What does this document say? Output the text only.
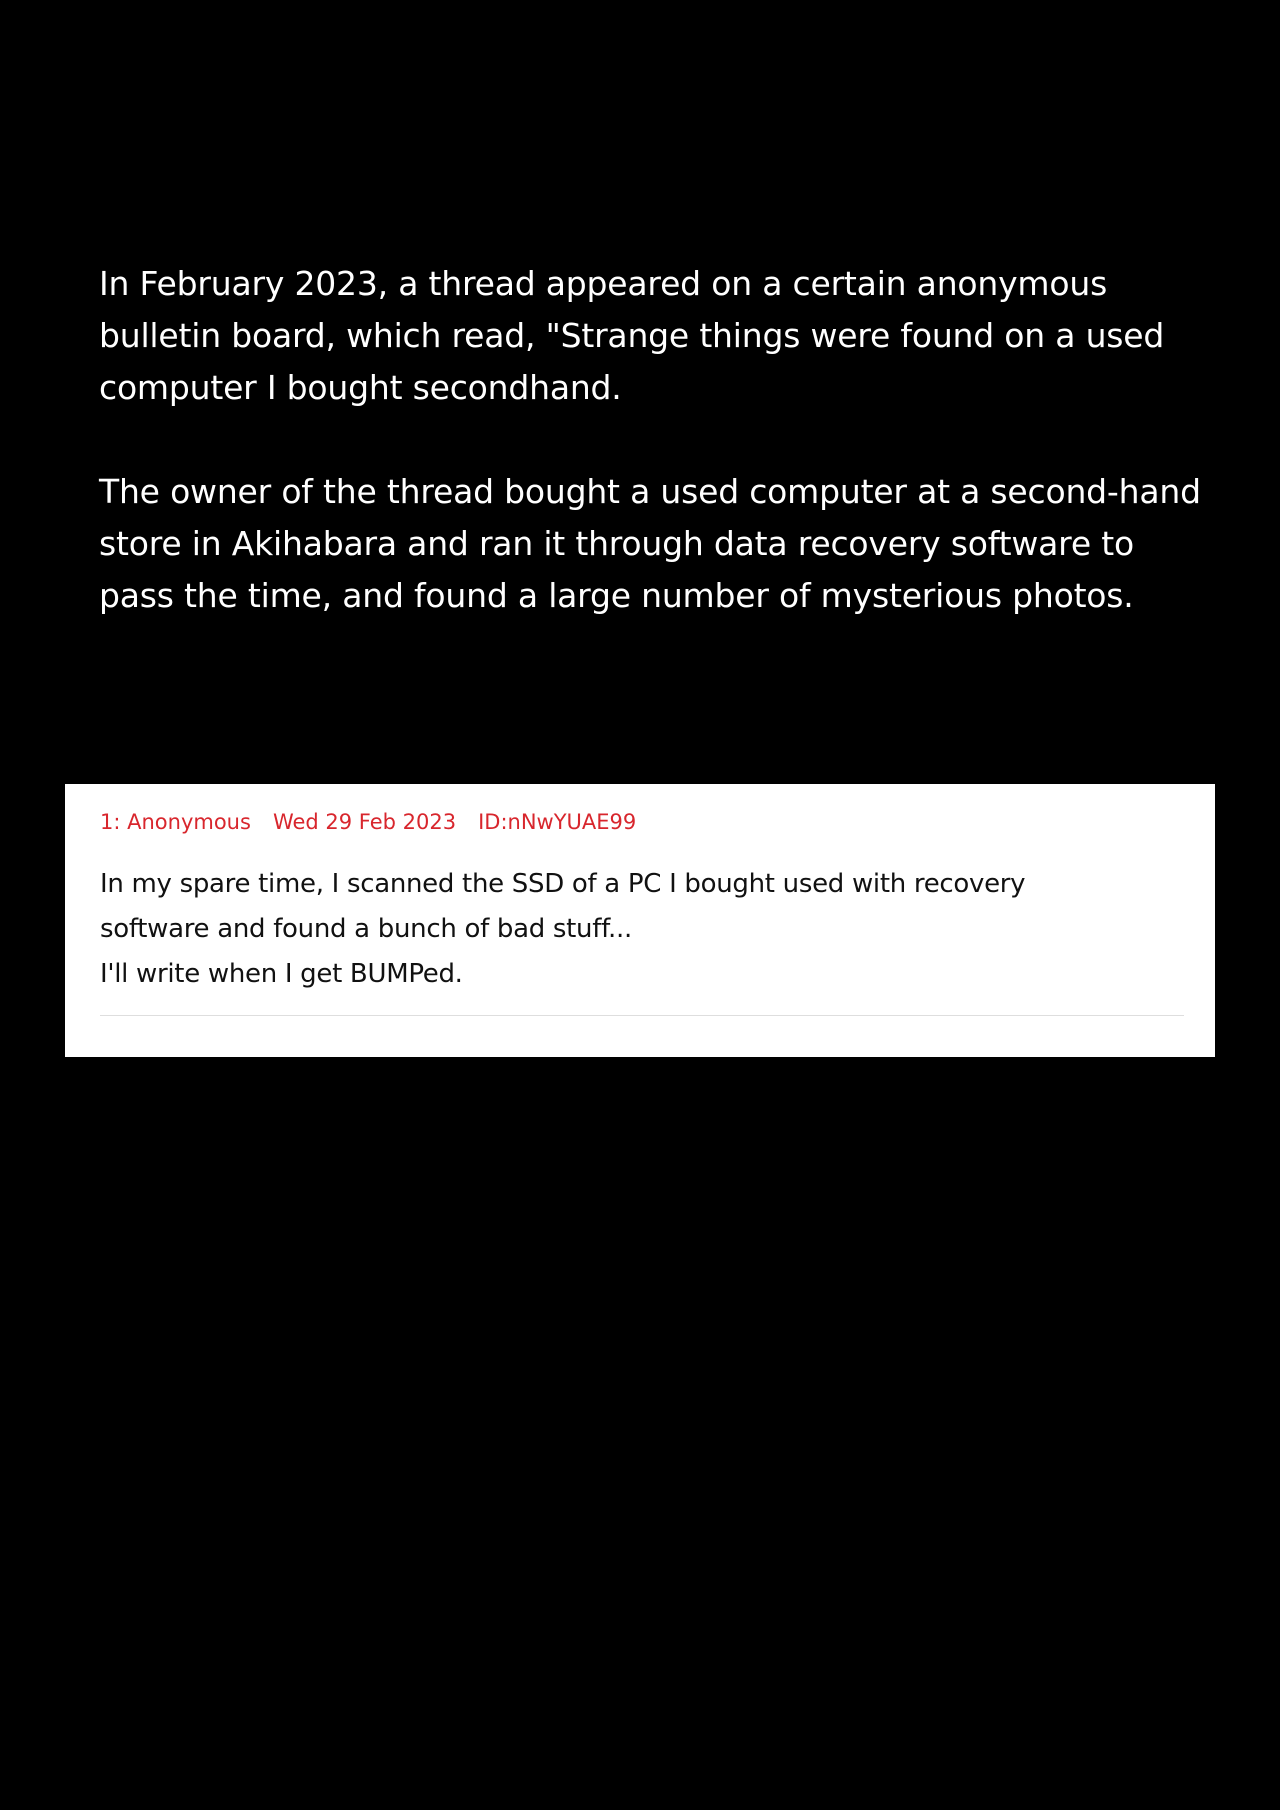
In February 2023, a thread appeared on a certain anonymous bulletin board, which read, "Strange things were found on a used computer I bought secondhand.

The owner of the thread bought a used computer at a second-hand store in Akihabara and ran it through data recovery software to pass the time, and found a large number of mysterious photos.

1: Anonymous Wed 29 Feb 2023 ID:nNwYUAE99
In my spare time, I scanned the SSD of a PC I bought used with recovery
software and found a bunch of bad stuff...
I'll write when I get BUMPed.
